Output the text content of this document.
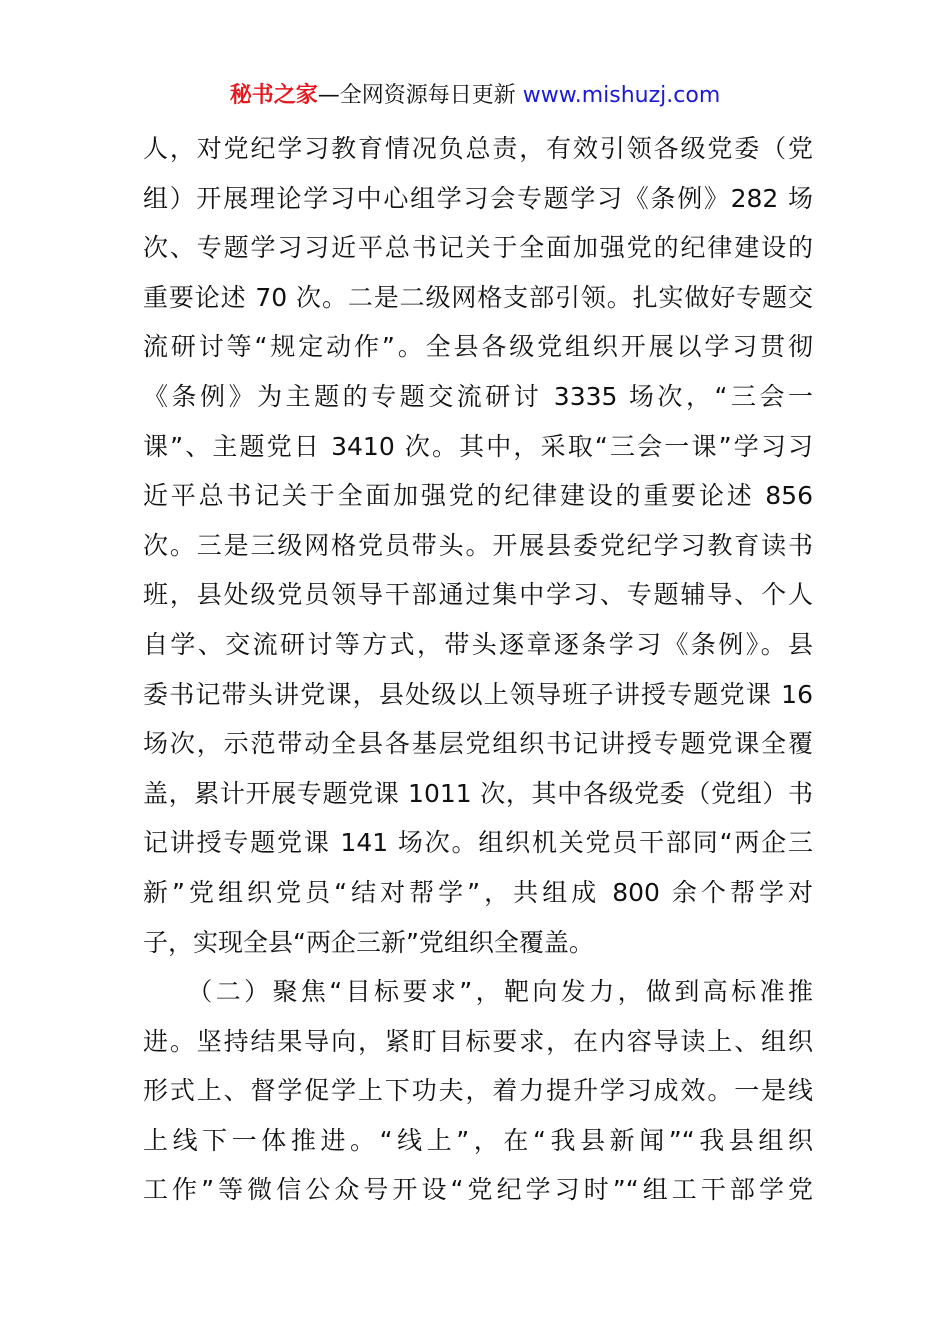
秘书之家—全网资源每日更新 www.mishuzj.com
人，对党纪学习教育情况负总责，有效引领各级党委（党
组）开展理论学习中心组学习会专题学习《条例》282 场
次、专题学习习近平总书记关于全面加强党的纪律建设的
重要论述 70 次。二是二级网格支部引领。扎实做好专题交
流研讨等“规定动作”。全县各级党组织开展以学习贯彻
《条例》为主题的专题交流研讨 3335 场次，“三会一
课”、主题党日 3410 次。其中，采取“三会一课”学习习
近平总书记关于全面加强党的纪律建设的重要论述 856
次。三是三级网格党员带头。开展县委党纪学习教育读书
班，县处级党员领导干部通过集中学习、专题辅导、个人
自学、交流研讨等方式，带头逐章逐条学习《条例》。县
委书记带头讲党课，县处级以上领导班子讲授专题党课 16
场次，示范带动全县各基层党组织书记讲授专题党课全覆
盖，累计开展专题党课 1011 次，其中各级党委（党组）书
记讲授专题党课 141 场次。组织机关党员干部同“两企三
新”党组织党员“结对帮学”，共组成 800 余个帮学对
子，实现全县“两企三新”党组织全覆盖。
　　（二）聚焦“目标要求”，靶向发力，做到高标准推
进。坚持结果导向，紧盯目标要求，在内容导读上、组织
形式上、督学促学上下功夫，着力提升学习成效。一是线
上线下一体推进。“线上”，在“我县新闻”“我县组织
工作”等微信公众号开设“党纪学习时”“组工干部学党
